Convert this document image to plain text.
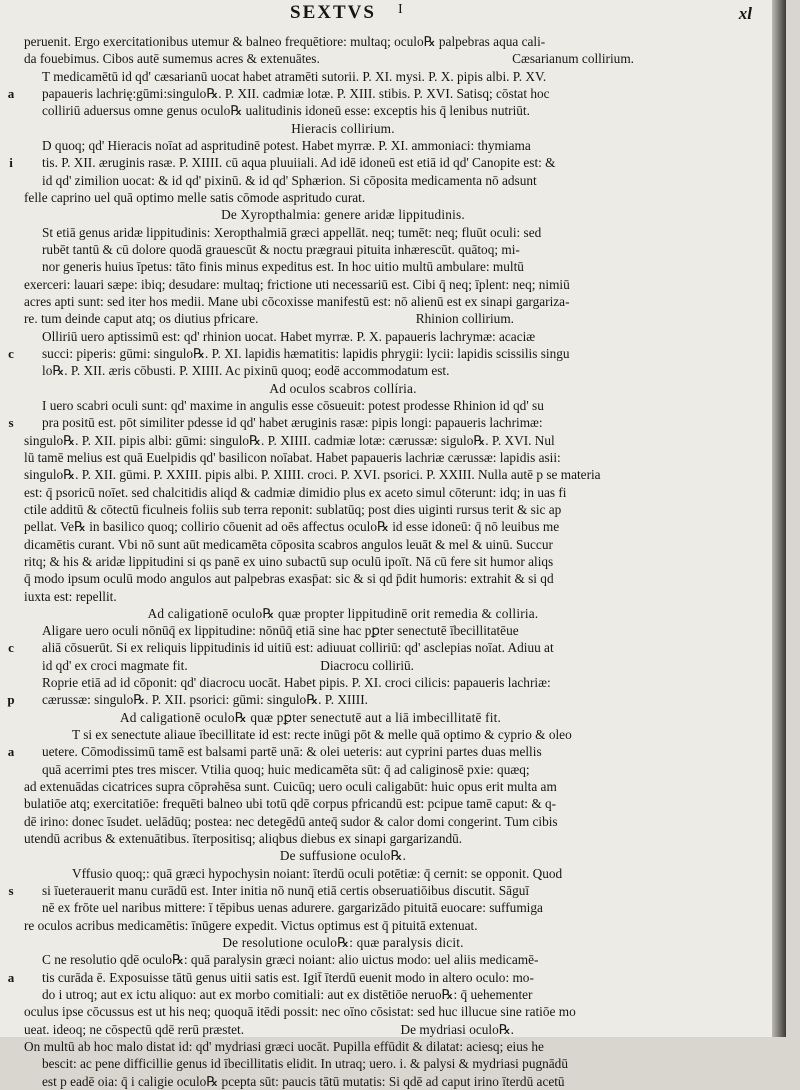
SEXTVS I	xl
peruenit. Ergo exercitationibus utemur & balneo frequētiore: multaq; oculo℞ palpebras aqua cali-
da fouebimus. Cibos autē sumemus acres & extenuātes.	Cæsarianum collirium.
T medicamētū id qd' cæsarianū uocat habet atramēti sutorii. P. XI. mysi. P. X. pipis albi. P. XV.
a	papaueris lachrię:gūmi:singulo℞. P. XII. cadmiæ lotæ. P. XIII. stibis. P. XVI. Satisq; cōstat hoc
colliriū aduersus omne genus oculo℞ ualitudinis idoneū esse: exceptis his q̄ lenibus nutriūt.
Hieracis collirium.
D quoq; qd' Hieracis noīat ad aspritudinē potest. Habet myrræ. P. XI. ammoniaci: thymiama
i	tis. P. XII. æruginis rasæ. P. XIIII. cū aqua pluuiiali. Ad idē idoneū est etiā id qd' Canopite est: &
id qd' zimilion uocat: & id qd' pixinū. & id qd' Sphærion. Si cōposita medicamenta nō adsunt
felle caprino uel quā optimo melle satis cōmode aspritudo curat.
De Xyropthalmia: genere aridæ lippitudinis.
St etiā genus aridæ lippitudinis: Xeropthalmiā græci appellāt. neq; tumēt: neq; fluūt oculi: sed
rubēt tantū & cū dolore quodā grauescūt & noctu prægraui pituita inhærescūt. quātoq; mi-
nor generis huius īpetus: tāto finis minus expeditus est. In hoc uitio multū ambulare: multū
exerceri: lauari sæpe: ibiq; desudare: multaq; frictione uti necessariū est. Cibi q̄ neq; īplent: neq; nimiū
acres apti sunt: sed iter hos medii. Mane ubi cōcoxisse manifestū est: nō alienū est ex sinapi gargariza-
re. tum deinde caput atq; os diutius pfricare.	Rhinion collirium.
Olliriū uero aptissimū est: qd' rhinion uocat. Habet myrræ. P. X. papaueris lachrymæ: acaciæ
c	succi: piperis: gūmi: singulo℞. P. XI. lapidis hæmatitis: lapidis phrygii: lycii: lapidis scissilis singu
lo℞. P. XII. æris cōbusti. P. XIIII. Ac pixinū quoq; eodē accommodatum est.
Ad oculos scabros collíria.
I uero scabri oculi sunt: qd' maxime in angulis esse cōsueuit: potest prodesse Rhinion id qd' su
s	pra positū est. pōt similiter pdesse id qd' habet æruginis rasæ: pipis longi: papaueris lachrimæ:
singulo℞. P. XII. pipis albi: gūmi: singulo℞. P. XIIII. cadmiæ lotæ: cærussæ: sigulo℞. P. XVI. Nul
lū tamē melius est quā Euelpidis qd' basilicon noīabat. Habet papaueris lachriæ cærussæ: lapidis asii:
singulo℞. P. XII. gūmi. P. XXIII. pipis albi. P. XIIII. croci. P. XVI. psorici. P. XXIII. Nulla autē p se materia
est: q̄ psoricū noīet. sed chalcitidis aliqd & cadmiæ dimidio plus ex aceto simul cōterunt: idq; in uas fi
ctile additū & cōtectū ficulneis foliis sub terra reponit: sublatūq; post dies uiginti rursus terit & sic ap
pellat. Ve℞ in basilico quoq; collirio cōuenit ad oēs affectus oculo℞ id esse idoneū: q̄ nō leuibus me
dicamētis curant. Vbi nō sunt aūt medicamēta cōposita scabros angulos leuāt & mel & uinū. Succur
ritq; & his & aridæ lippitudini si qs panē ex uino subactū sup oculū ipoīt. Nā cū fere sit humor aliqs
q̄ modo ipsum oculū modo angulos aut palpebras exasp̄at: sic & si qd p̄dit humoris: extrahit & si qd
iuxta est: repellit.
Ad caligationē oculo℞ quæ propter lippitudinē orit remedia & colliria.
Aligare uero oculi nōnūq̄ ex lippitudine: nōnūq̄ etiā sine hac pꝑter senectutē ībecillitatēue
c	aliā cōsuerūt. Si ex reliquis lippitudinis id uitiū est: adiuuat colliriū: qd' asclepias noīat. Adiuu at
id qd' ex croci magmate fit.	Diacrocu colliriū.
Roprie etiā ad id cōponit: qd' diacrocu uocāt. Habet pipis. P. XI. croci cilicis: papaueris lachriæ:
p	cærussæ: singulo℞. P. XII. psorici: gūmi: singulo℞. P. XIIII.
Ad caligationē oculo℞ quæ pꝑter senectutē aut a liā imbecillitatē fit.
T si ex senectute aliaue ībecillitate id est: recte inūgi pōt & melle quā optimo & cyprio & oleo
a	uetere. Cōmodissimū tamē est balsami partē unā: & olei ueteris: aut cyprini partes duas mellis
quā acerrimi ptes tres miscer. Vtilia quoq; huic medicamēta sūt: q̄ ad caliginosē pxie: quæq;
ad extenuādas cicatrices supra cōprəhēsa sunt. Cuicūq; uero oculi caligabūt: huic opus erit multa am
bulatiōe atq; exercitatiōe: frequēti balneo ubi totū qdē corpus pfricandū est: pcipue tamē caput: & q-
dē irino: donec īsudet. uelādūq; postea: nec detegēdū anteq̄ sudor & calor domi congerint. Tum cibis
utendū acribus & extenuātibus. īterpositisq; aliqbus diebus ex sinapi gargarizandū.
De suffusione oculo℞.
Vffusio quoq;: quā græci hypochysin noiant: īterdū oculi potētiæ: q̄ cernit: se opponit. Quod
s	si īueterauerit manu curādū est. Inter initia nō nunq̄ etiā certis obseruatiōibus discutit. Sāguī
nē ex frōte uel naribus mittere: ī tēpibus uenas adurere. gargarizādo pituitā euocare: suffumiga
re oculos acribus medicamētis: īnūgere expedit. Victus optimus est q̄ pituitā extenuat.
De resolutione oculo℞: quæ paralysis dicit.
C ne resolutio qdē oculo℞: quā paralysin græci noiant: alio uictus modo: uel aliis medicamē-
a	tis curāda ē. Exposuisse tātū genus uitii satis est. Igit̄ īterdū euenit modo in altero oculo: mo-
do i utroq; aut ex ictu aliquo: aut ex morbo comitiali: aut ex distētiōe neruo℞: q̄ uehementer
oculus ipse cōcussus est ut his neq; quoquā itēdi possit: nec oīno cōsistat: sed huc illucue sine ratiōe mo
ueat. ideoq; ne cōspectū qdē rerū præstet.	De mydriasi oculo℞.
On multū ab hoc malo distat id: qd' mydriasi græci uocāt. Pupilla effūdit & dilatat: aciesq; eius he
bescit: ac pene difficillie genus id ībecillitatis elidit. In utraq; uero. i. & palysi & mydriasi pugnādū
est p eadē oia: q̄ i caligie oculo℞ pcepta sūt: paucis tātū mutatis: Si qdē ad caput irino īterdū acetū
